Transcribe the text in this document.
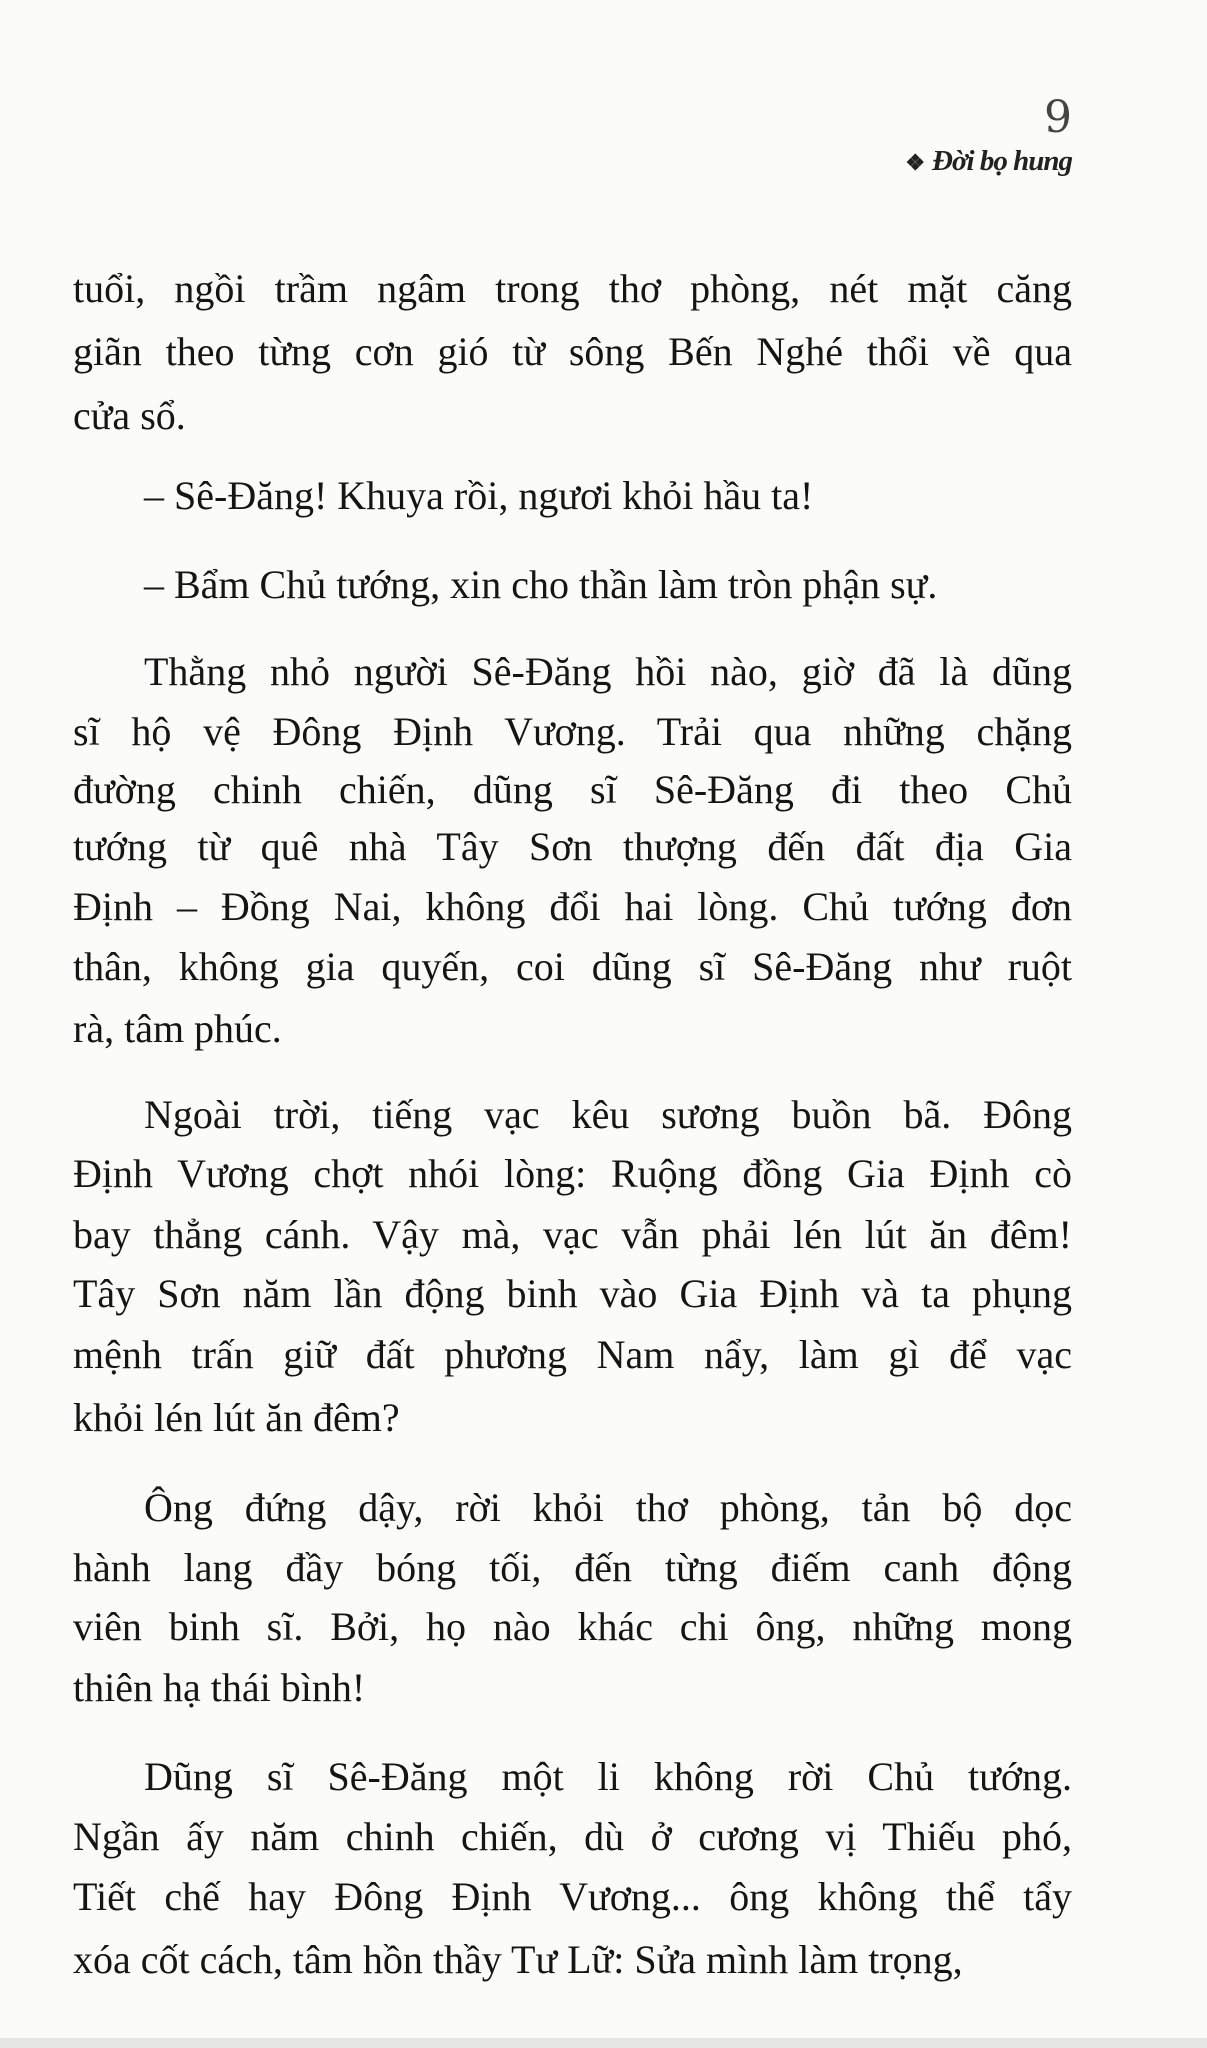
9
❖ Đời bọ hung
tuổi, ngồi trầm ngâm trong thơ phòng, nét mặt căng
giãn theo từng cơn gió từ sông Bến Nghé thổi về qua
cửa sổ.
– Sê-Đăng! Khuya rồi, ngươi khỏi hầu ta!
– Bẩm Chủ tướng, xin cho thần làm tròn phận sự.
Thằng nhỏ người Sê-Đăng hồi nào, giờ đã là dũng
sĩ hộ vệ Đông Định Vương. Trải qua những chặng
đường chinh chiến, dũng sĩ Sê-Đăng đi theo Chủ
tướng từ quê nhà Tây Sơn thượng đến đất địa Gia
Định – Đồng Nai, không đổi hai lòng. Chủ tướng đơn
thân, không gia quyến, coi dũng sĩ Sê-Đăng như ruột
rà, tâm phúc.
Ngoài trời, tiếng vạc kêu sương buồn bã. Đông
Định Vương chợt nhói lòng: Ruộng đồng Gia Định cò
bay thẳng cánh. Vậy mà, vạc vẫn phải lén lút ăn đêm!
Tây Sơn năm lần động binh vào Gia Định và ta phụng
mệnh trấn giữ đất phương Nam nẩy, làm gì để vạc
khỏi lén lút ăn đêm?
Ông đứng dậy, rời khỏi thơ phòng, tản bộ dọc
hành lang đầy bóng tối, đến từng điếm canh động
viên binh sĩ. Bởi, họ nào khác chi ông, những mong
thiên hạ thái bình!
Dũng sĩ Sê-Đăng một li không rời Chủ tướng.
Ngần ấy năm chinh chiến, dù ở cương vị Thiếu phó,
Tiết chế hay Đông Định Vương... ông không thể tẩy
xóa cốt cách, tâm hồn thầy Tư Lữ: Sửa mình làm trọng,
